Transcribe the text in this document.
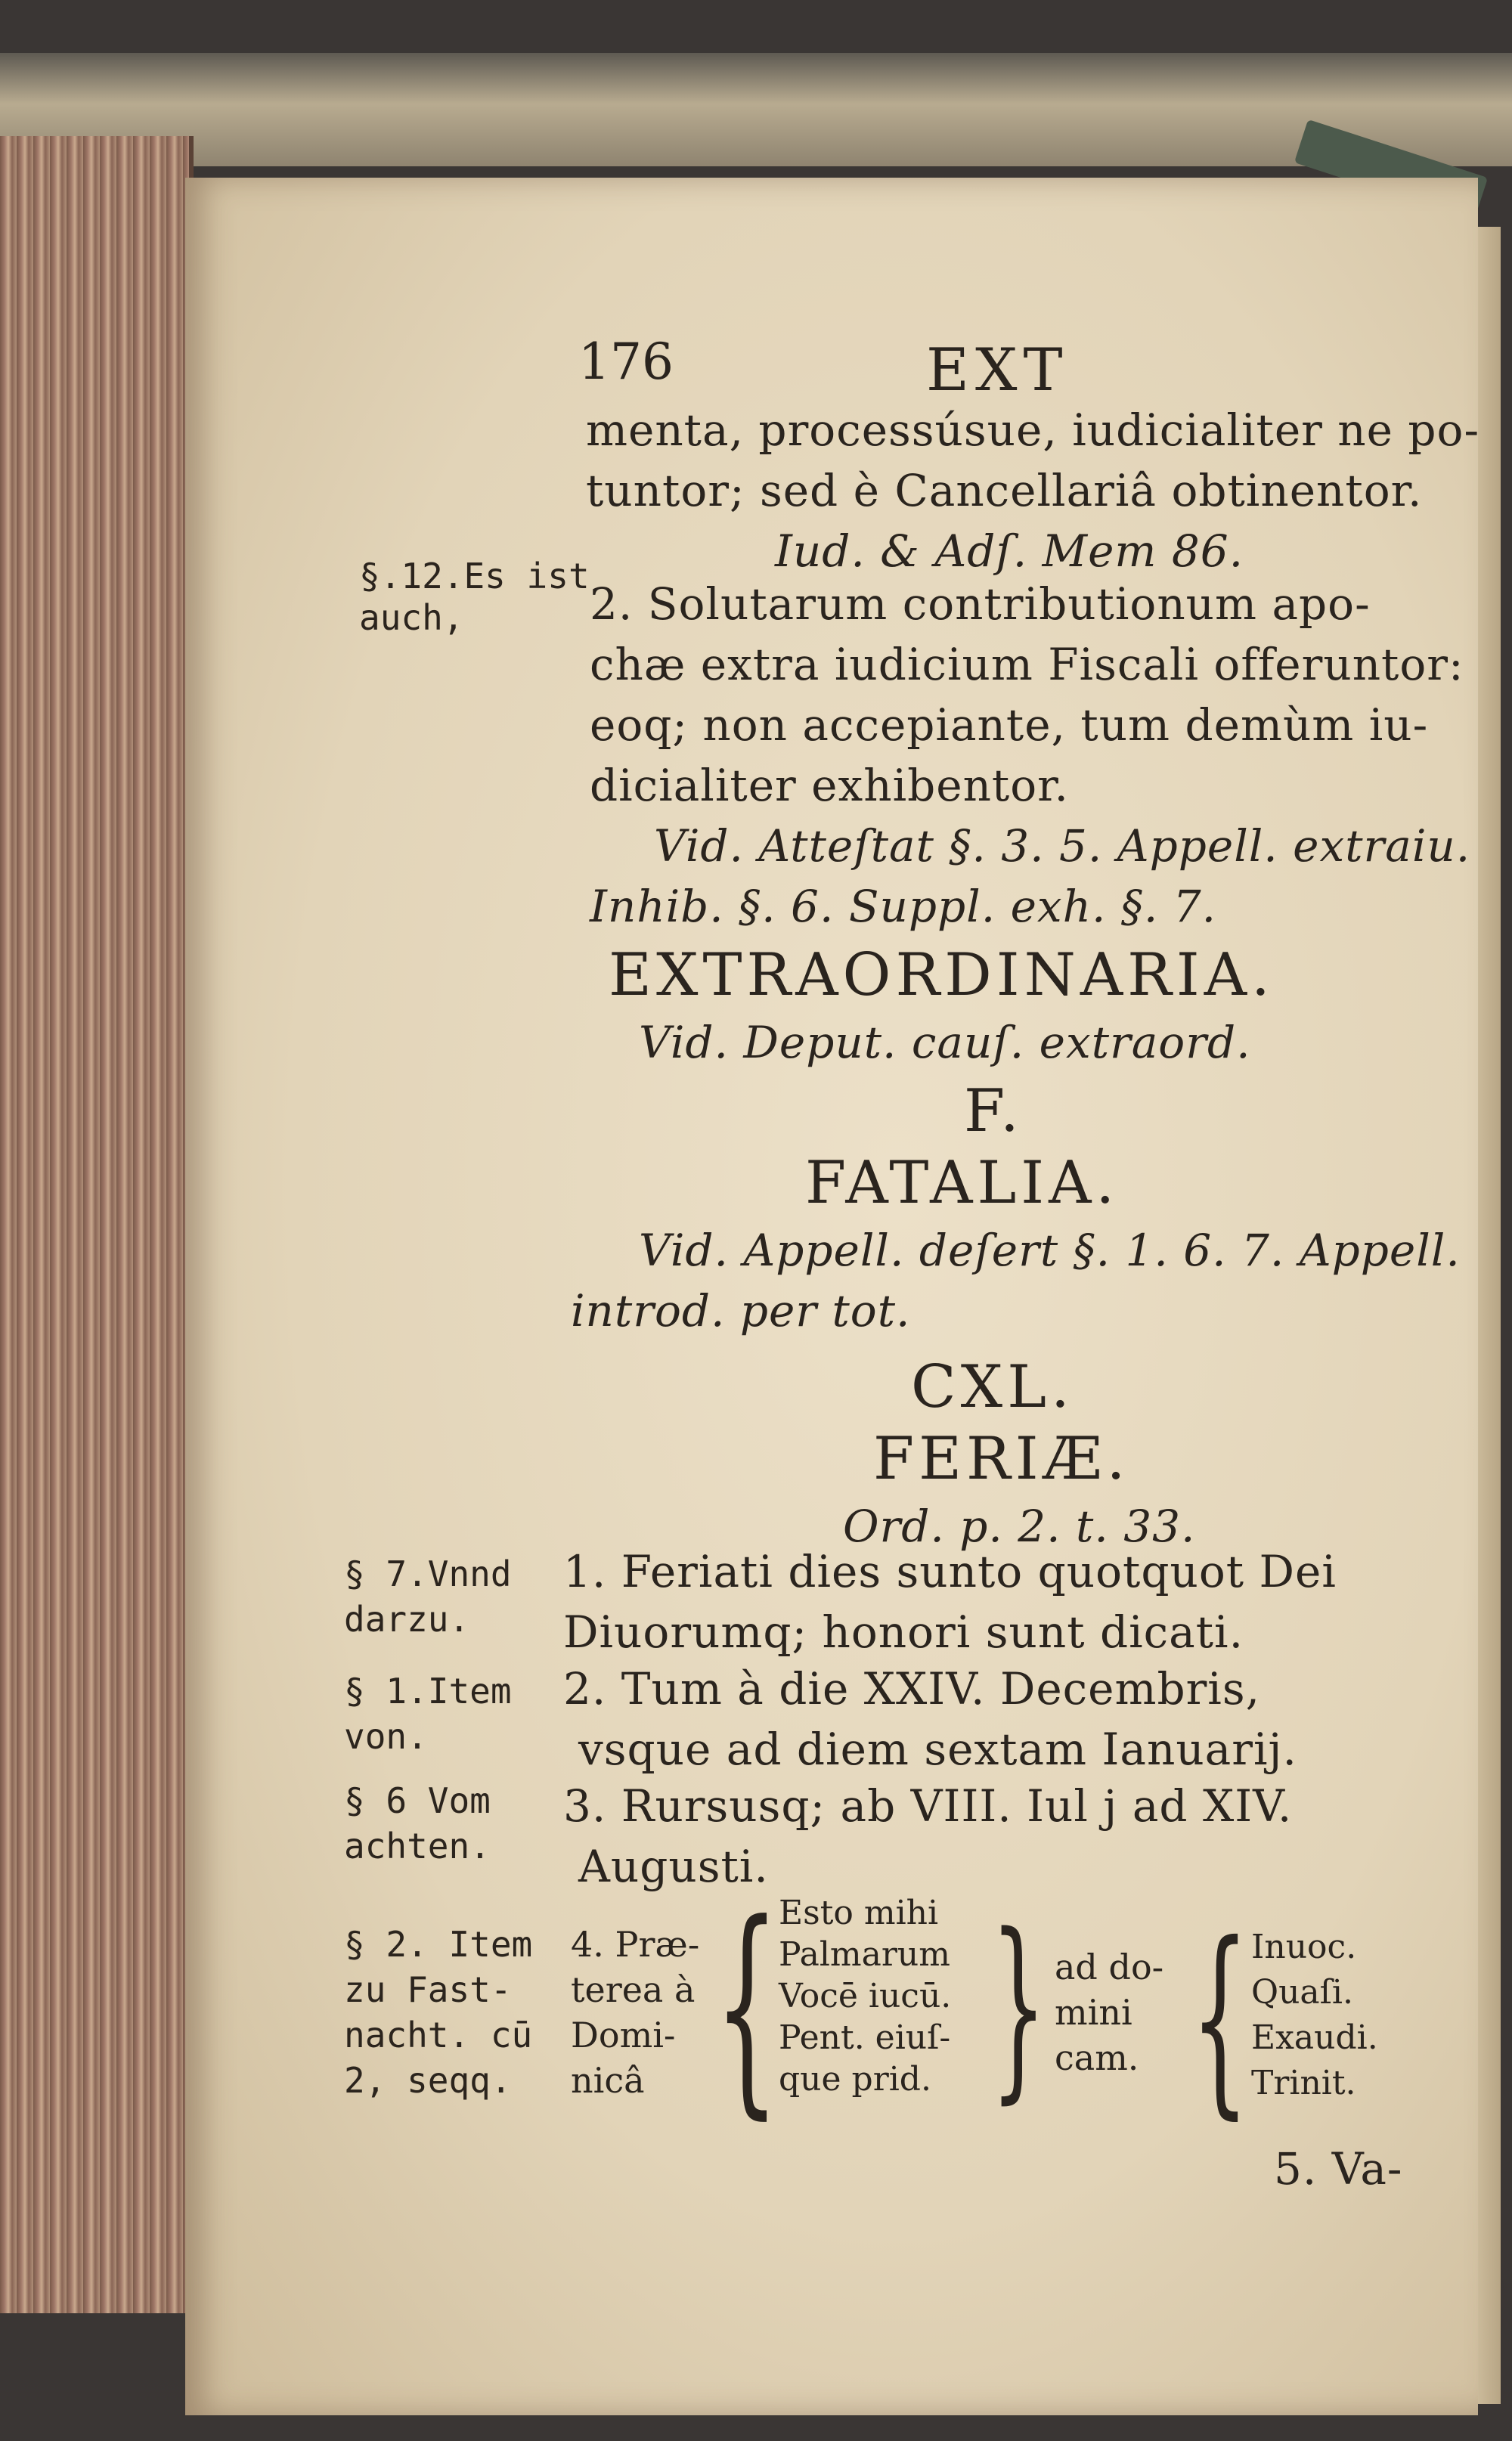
176	EXT
menta, processúsue, iudicialiter ne po-
tuntor; sed è Cancellariâ obtinentor.
Iud. & Adſ. Mem 86.
§.12.Es ist
auch,	2. Solutarum contributionum apo-
chæ extra iudicium Fiscali offeruntor:
eoq; non accepiante, tum demùm iu-
dicialiter exhibentor.
Vid. Atteſtat §. 3. 5. Appell. extraiu.
Inhib. §. 6. Suppl. exh. §. 7.
EXTRAORDINARIA.
Vid. Deput. cauſ. extraord.
F.
FATALIA.
Vid. Appell. deſert §. 1. 6. 7. Appell.
introd. per tot.
CXL.
FERIÆ.
Ord. p. 2. t. 33.
§ 7.Vnnd
darzu.
1. Feriati dies sunto quotquot Dei
Diuorumq; honori sunt dicati.
§ 1.Item
von.
2. Tum à die XXIV. Decembris,
vsque ad diem sextam Ianuarij.
§ 6 Vom
achten.
3. Rursusq; ab VIII. Iul j ad XIV.
Augusti.
§ 2. Item
zu Fast-
nacht. cū
2, seqq.
4. Præ-
terea à
Domi-
nicâ { Esto mihi
Palmarum
Vocē iucū.
Pent. eiuſ-
que prid. } ad do-
mini
cam. { Inuoc.
Quaſi.
Exaudi.
Trinit.
5. Va-
